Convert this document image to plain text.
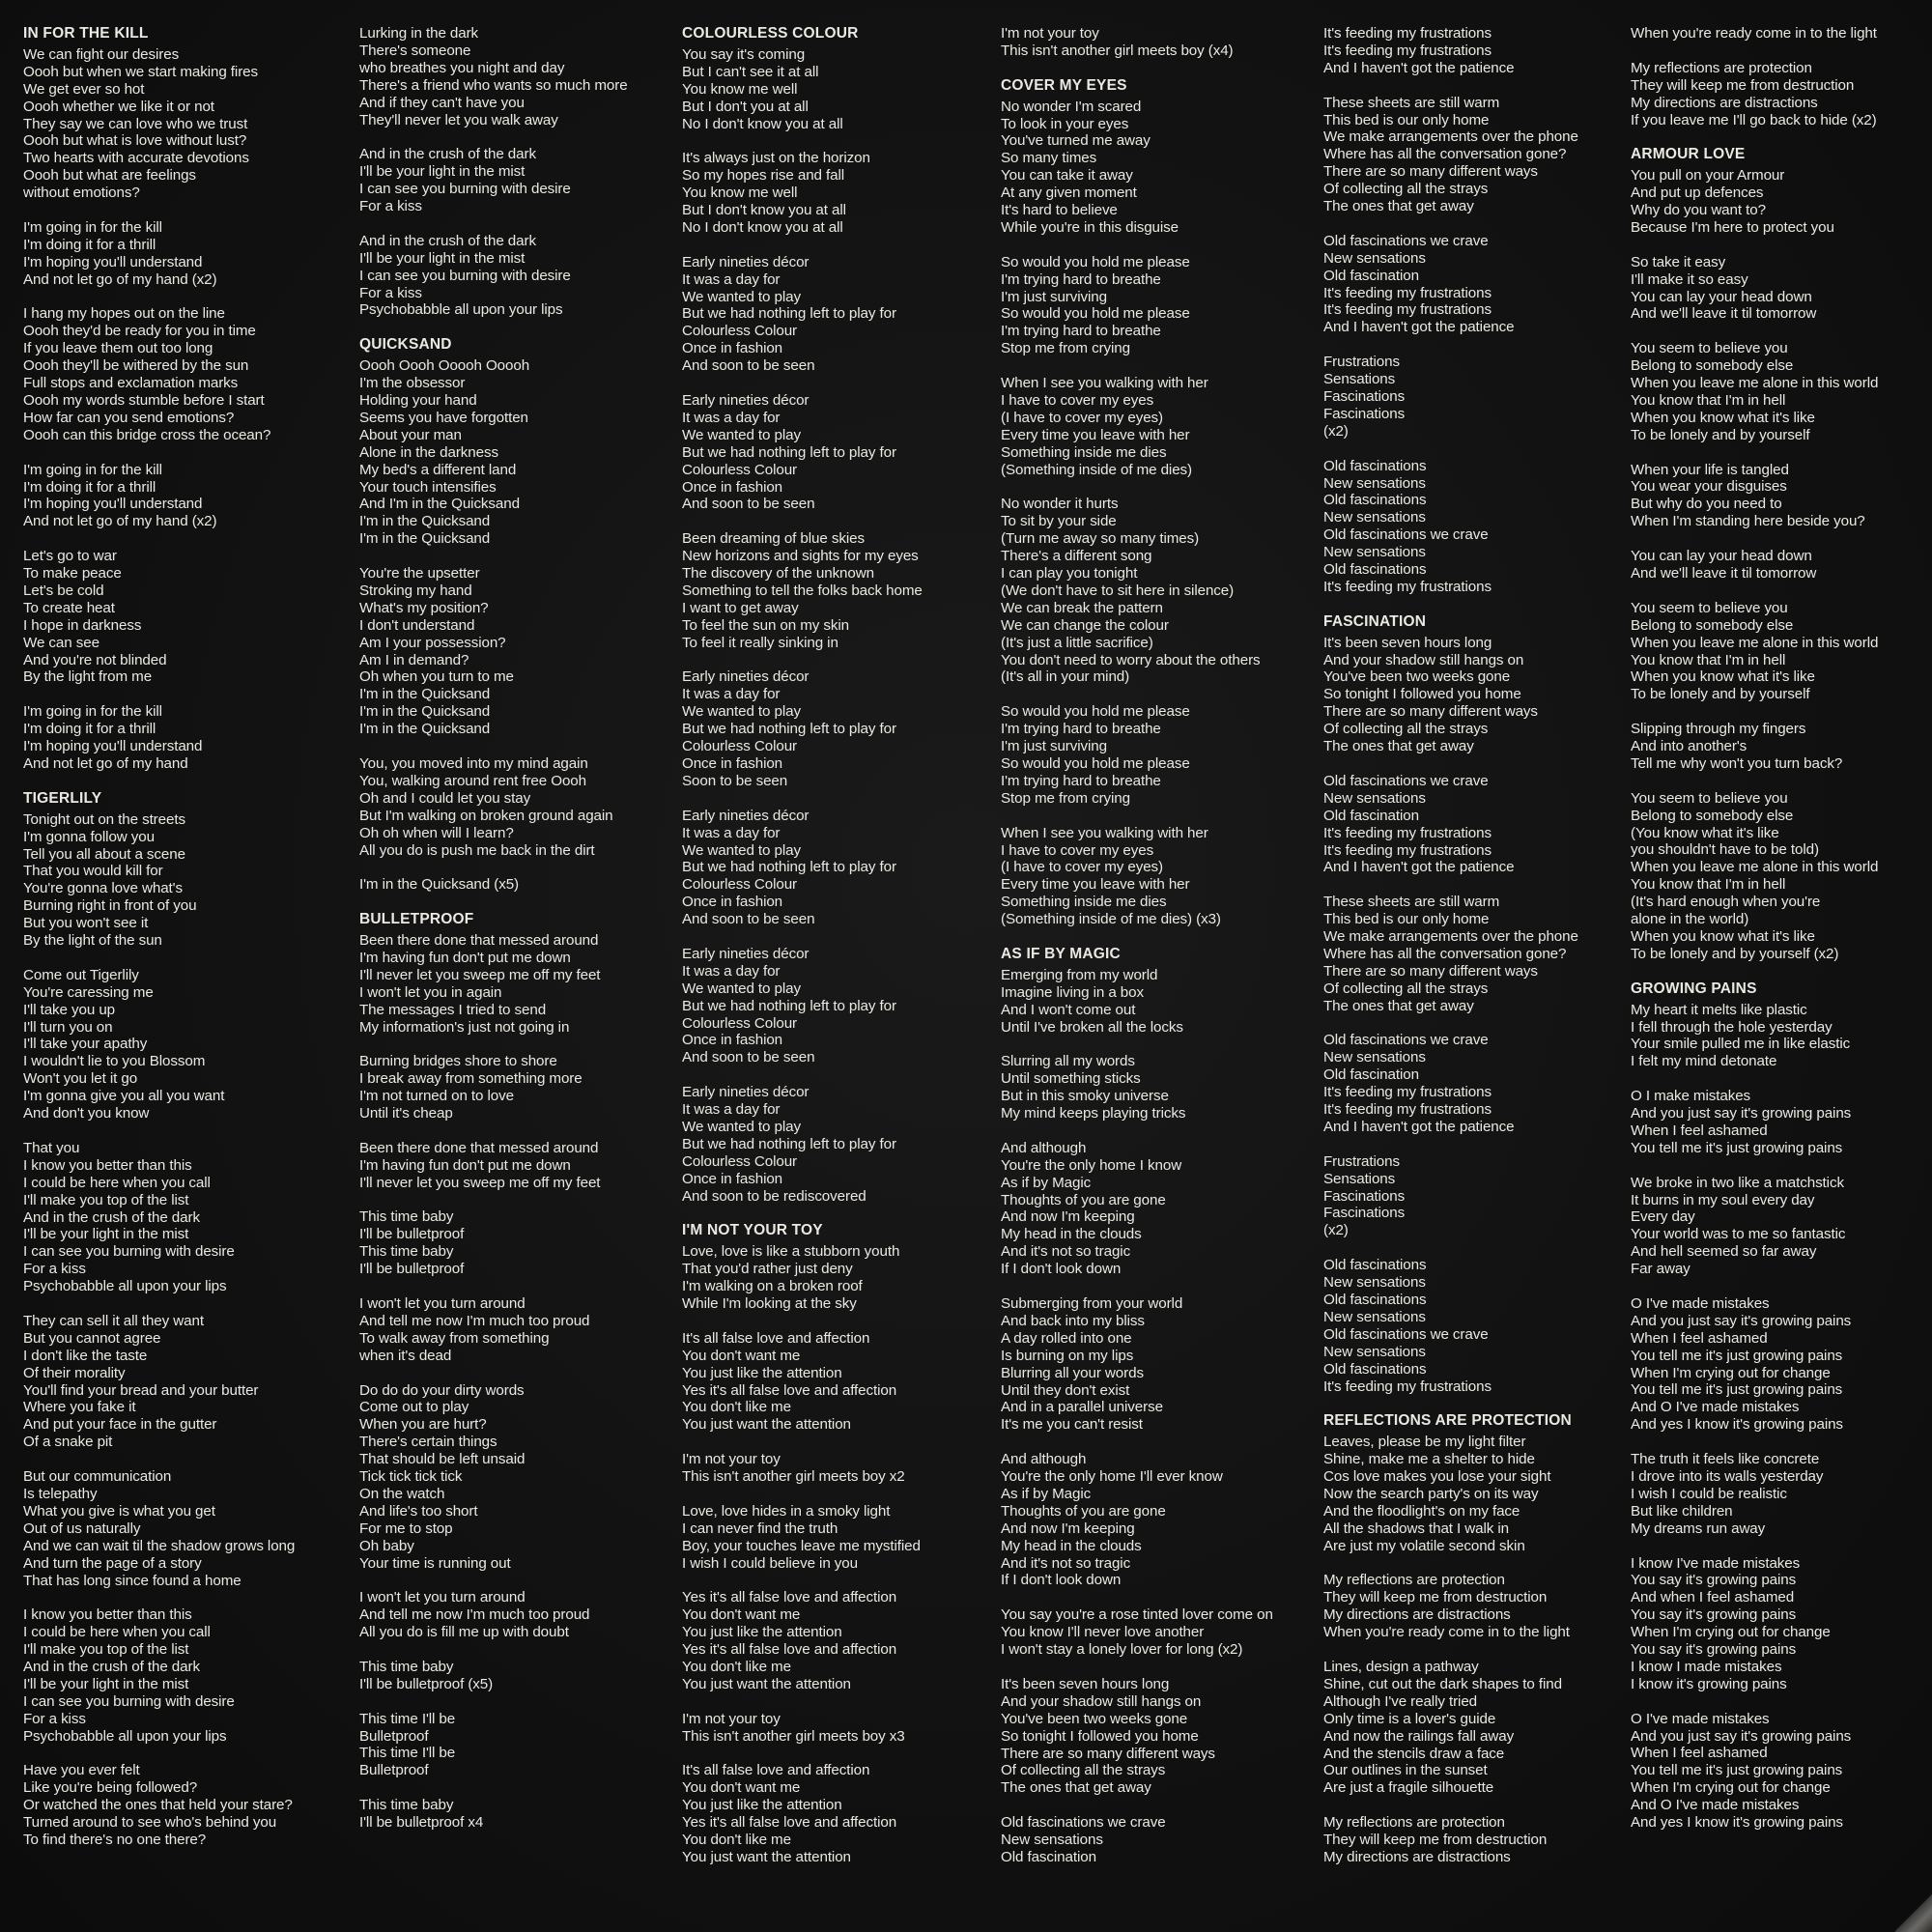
IN FOR THE KILL
We can fight our desires
Oooh but when we start making fires
We get ever so hot
Oooh whether we like it or not
They say we can love who we trust
Oooh but what is love without lust?
Two hearts with accurate devotions
Oooh but what are feelings
without emotions?
I'm going in for the kill
I'm doing it for a thrill
I'm hoping you'll understand
And not let go of my hand (x2)
I hang my hopes out on the line
Oooh they'd be ready for you in time
If you leave them out too long
Oooh they'll be withered by the sun
Full stops and exclamation marks
Oooh my words stumble before I start
How far can you send emotions?
Oooh can this bridge cross the ocean?
I'm going in for the kill
I'm doing it for a thrill
I'm hoping you'll understand
And not let go of my hand (x2)
Let's go to war
To make peace
Let's be cold
To create heat
I hope in darkness
We can see
And you're not blinded
By the light from me
I'm going in for the kill
I'm doing it for a thrill
I'm hoping you'll understand
And not let go of my hand
TIGERLILY
Tonight out on the streets
I'm gonna follow you
Tell you all about a scene
That you would kill for
You're gonna love what's
Burning right in front of you
But you won't see it
By the light of the sun
Come out Tigerlily
You're caressing me
I'll take you up
I'll turn you on
I'll take your apathy
I wouldn't lie to you Blossom
Won't you let it go
I'm gonna give you all you want
And don't you know
That you
I know you better than this
I could be here when you call
I'll make you top of the list
And in the crush of the dark
I'll be your light in the mist
I can see you burning with desire
For a kiss
Psychobabble all upon your lips
They can sell it all they want
But you cannot agree
I don't like the taste
Of their morality
You'll find your bread and your butter
Where you fake it
And put your face in the gutter
Of a snake pit
But our communication
Is telepathy
What you give is what you get
Out of us naturally
And we can wait til the shadow grows long
And turn the page of a story
That has long since found a home
I know you better than this
I could be here when you call
I'll make you top of the list
And in the crush of the dark
I'll be your light in the mist
I can see you burning with desire
For a kiss
Psychobabble all upon your lips
Have you ever felt
Like you're being followed?
Or watched the ones that held your stare?
Turned around to see who's behind you
To find there's no one there?
Lurking in the dark
There's someone
who breathes you night and day
There's a friend who wants so much more
And if they can't have you
They'll never let you walk away
And in the crush of the dark
I'll be your light in the mist
I can see you burning with desire
For a kiss
And in the crush of the dark
I'll be your light in the mist
I can see you burning with desire
For a kiss
Psychobabble all upon your lips
QUICKSAND
Oooh Oooh Ooooh Ooooh
I'm the obsessor
Holding your hand
Seems you have forgotten
About your man
Alone in the darkness
My bed's a different land
Your touch intensifies
And I'm in the Quicksand
I'm in the Quicksand
I'm in the Quicksand
You're the upsetter
Stroking my hand
What's my position?
I don't understand
Am I your possession?
Am I in demand?
Oh when you turn to me
I'm in the Quicksand
I'm in the Quicksand
I'm in the Quicksand
You, you moved into my mind again
You, walking around rent free Oooh
Oh and I could let you stay
But I'm walking on broken ground again
Oh oh when will I learn?
All you do is push me back in the dirt
I'm in the Quicksand (x5)
BULLETPROOF
Been there done that messed around
I'm having fun don't put me down
I'll never let you sweep me off my feet
I won't let you in again
The messages I tried to send
My information's just not going in
Burning bridges shore to shore
I break away from something more
I'm not turned on to love
Until it's cheap
Been there done that messed around
I'm having fun don't put me down
I'll never let you sweep me off my feet
This time baby
I'll be bulletproof
This time baby
I'll be bulletproof
I won't let you turn around
And tell me now I'm much too proud
To walk away from something
when it's dead
Do do do your dirty words
Come out to play
When you are hurt?
There's certain things
That should be left unsaid
Tick tick tick tick
On the watch
And life's too short
For me to stop
Oh baby
Your time is running out
I won't let you turn around
And tell me now I'm much too proud
All you do is fill me up with doubt
This time baby
I'll be bulletproof (x5)
This time I'll be
Bulletproof
This time I'll be
Bulletproof
This time baby
I'll be bulletproof x4
COLOURLESS COLOUR
You say it's coming
But I can't see it at all
You know me well
But I don't you at all
No I don't know you at all
It's always just on the horizon
So my hopes rise and fall
You know me well
But I don't know you at all
No I don't know you at all
Early nineties décor
It was a day for
We wanted to play
But we had nothing left to play for
Colourless Colour
Once in fashion
And soon to be seen
Early nineties décor
It was a day for
We wanted to play
But we had nothing left to play for
Colourless Colour
Once in fashion
And soon to be seen
Been dreaming of blue skies
New horizons and sights for my eyes
The discovery of the unknown
Something to tell the folks back home
I want to get away
To feel the sun on my skin
To feel it really sinking in
Early nineties décor
It was a day for
We wanted to play
But we had nothing left to play for
Colourless Colour
Once in fashion
Soon to be seen
Early nineties décor
It was a day for
We wanted to play
But we had nothing left to play for
Colourless Colour
Once in fashion
And soon to be seen
Early nineties décor
It was a day for
We wanted to play
But we had nothing left to play for
Colourless Colour
Once in fashion
And soon to be seen
Early nineties décor
It was a day for
We wanted to play
But we had nothing left to play for
Colourless Colour
Once in fashion
And soon to be rediscovered
I'M NOT YOUR TOY
Love, love is like a stubborn youth
That you'd rather just deny
I'm walking on a broken roof
While I'm looking at the sky
It's all false love and affection
You don't want me
You just like the attention
Yes it's all false love and affection
You don't like me
You just want the attention
I'm not your toy
This isn't another girl meets boy x2
Love, love hides in a smoky light
I can never find the truth
Boy, your touches leave me mystified
I wish I could believe in you
Yes it's all false love and affection
You don't want me
You just like the attention
Yes it's all false love and affection
You don't like me
You just want the attention
I'm not your toy
This isn't another girl meets boy x3
It's all false love and affection
You don't want me
You just like the attention
Yes it's all false love and affection
You don't like me
You just want the attention
I'm not your toy
This isn't another girl meets boy (x4)
COVER MY EYES
No wonder I'm scared
To look in your eyes
You've turned me away
So many times
You can take it away
At any given moment
It's hard to believe
While you're in this disguise
So would you hold me please
I'm trying hard to breathe
I'm just surviving
So would you hold me please
I'm trying hard to breathe
Stop me from crying
When I see you walking with her
I have to cover my eyes
(I have to cover my eyes)
Every time you leave with her
Something inside me dies
(Something inside of me dies)
No wonder it hurts
To sit by your side
(Turn me away so many times)
There's a different song
I can play you tonight
(We don't have to sit here in silence)
We can break the pattern
We can change the colour
(It's just a little sacrifice)
You don't need to worry about the others
(It's all in your mind)
So would you hold me please
I'm trying hard to breathe
I'm just surviving
So would you hold me please
I'm trying hard to breathe
Stop me from crying
When I see you walking with her
I have to cover my eyes
(I have to cover my eyes)
Every time you leave with her
Something inside me dies
(Something inside of me dies) (x3)
AS IF BY MAGIC
Emerging from my world
Imagine living in a box
And I won't come out
Until I've broken all the locks
Slurring all my words
Until something sticks
But in this smoky universe
My mind keeps playing tricks
And although
You're the only home I know
As if by Magic
Thoughts of you are gone
And now I'm keeping
My head in the clouds
And it's not so tragic
If I don't look down
Submerging from your world
And back into my bliss
A day rolled into one
Is burning on my lips
Blurring all your words
Until they don't exist
And in a parallel universe
It's me you can't resist
And although
You're the only home I'll ever know
As if by Magic
Thoughts of you are gone
And now I'm keeping
My head in the clouds
And it's not so tragic
If I don't look down
You say you're a rose tinted lover come on
You know I'll never love another
I won't stay a lonely lover for long (x2)
It's been seven hours long
And your shadow still hangs on
You've been two weeks gone
So tonight I followed you home
There are so many different ways
Of collecting all the strays
The ones that get away
Old fascinations we crave
New sensations
Old fascination
It's feeding my frustrations
It's feeding my frustrations
And I haven't got the patience
These sheets are still warm
This bed is our only home
We make arrangements over the phone
Where has all the conversation gone?
There are so many different ways
Of collecting all the strays
The ones that get away
Old fascinations we crave
New sensations
Old fascination
It's feeding my frustrations
It's feeding my frustrations
And I haven't got the patience
Frustrations
Sensations
Fascinations
Fascinations
(x2)
Old fascinations
New sensations
Old fascinations
New sensations
Old fascinations we crave
New sensations
Old fascinations
It's feeding my frustrations
FASCINATION
It's been seven hours long
And your shadow still hangs on
You've been two weeks gone
So tonight I followed you home
There are so many different ways
Of collecting all the strays
The ones that get away
Old fascinations we crave
New sensations
Old fascination
It's feeding my frustrations
It's feeding my frustrations
And I haven't got the patience
These sheets are still warm
This bed is our only home
We make arrangements over the phone
Where has all the conversation gone?
There are so many different ways
Of collecting all the strays
The ones that get away
Old fascinations we crave
New sensations
Old fascination
It's feeding my frustrations
It's feeding my frustrations
And I haven't got the patience
Frustrations
Sensations
Fascinations
Fascinations
(x2)
Old fascinations
New sensations
Old fascinations
New sensations
Old fascinations we crave
New sensations
Old fascinations
It's feeding my frustrations
REFLECTIONS ARE PROTECTION
Leaves, please be my light filter
Shine, make me a shelter to hide
Cos love makes you lose your sight
Now the search party's on its way
And the floodlight's on my face
All the shadows that I walk in
Are just my volatile second skin
My reflections are protection
They will keep me from destruction
My directions are distractions
When you're ready come in to the light
Lines, design a pathway
Shine, cut out the dark shapes to find
Although I've really tried
Only time is a lover's guide
And now the railings fall away
And the stencils draw a face
Our outlines in the sunset
Are just a fragile silhouette
My reflections are protection
They will keep me from destruction
My directions are distractions
When you're ready come in to the light
My reflections are protection
They will keep me from destruction
My directions are distractions
If you leave me I'll go back to hide (x2)
ARMOUR LOVE
You pull on your Armour
And put up defences
Why do you want to?
Because I'm here to protect you
So take it easy
I'll make it so easy
You can lay your head down
And we'll leave it til tomorrow
You seem to believe you
Belong to somebody else
When you leave me alone in this world
You know that I'm in hell
When you know what it's like
To be lonely and by yourself
When your life is tangled
You wear your disguises
But why do you need to
When I'm standing here beside you?
You can lay your head down
And we'll leave it til tomorrow
You seem to believe you
Belong to somebody else
When you leave me alone in this world
You know that I'm in hell
When you know what it's like
To be lonely and by yourself
Slipping through my fingers
And into another's
Tell me why won't you turn back?
You seem to believe you
Belong to somebody else
(You know what it's like
you shouldn't have to be told)
When you leave me alone in this world
You know that I'm in hell
(It's hard enough when you're
alone in the world)
When you know what it's like
To be lonely and by yourself (x2)
GROWING PAINS
My heart it melts like plastic
I fell through the hole yesterday
Your smile pulled me in like elastic
I felt my mind detonate
O I make mistakes
And you just say it's growing pains
When I feel ashamed
You tell me it's just growing pains
We broke in two like a matchstick
It burns in my soul every day
Every day
Your world was to me so fantastic
And hell seemed so far away
Far away
O I've made mistakes
And you just say it's growing pains
When I feel ashamed
You tell me it's just growing pains
When I'm crying out for change
You tell me it's just growing pains
And O I've made mistakes
And yes I know it's growing pains
The truth it feels like concrete
I drove into its walls yesterday
I wish I could be realistic
But like children
My dreams run away
I know I've made mistakes
You say it's growing pains
And when I feel ashamed
You say it's growing pains
When I'm crying out for change
You say it's growing pains
I know I made mistakes
I know it's growing pains
O I've made mistakes
And you just say it's growing pains
When I feel ashamed
You tell me it's just growing pains
When I'm crying out for change
And O I've made mistakes
And yes I know it's growing pains
